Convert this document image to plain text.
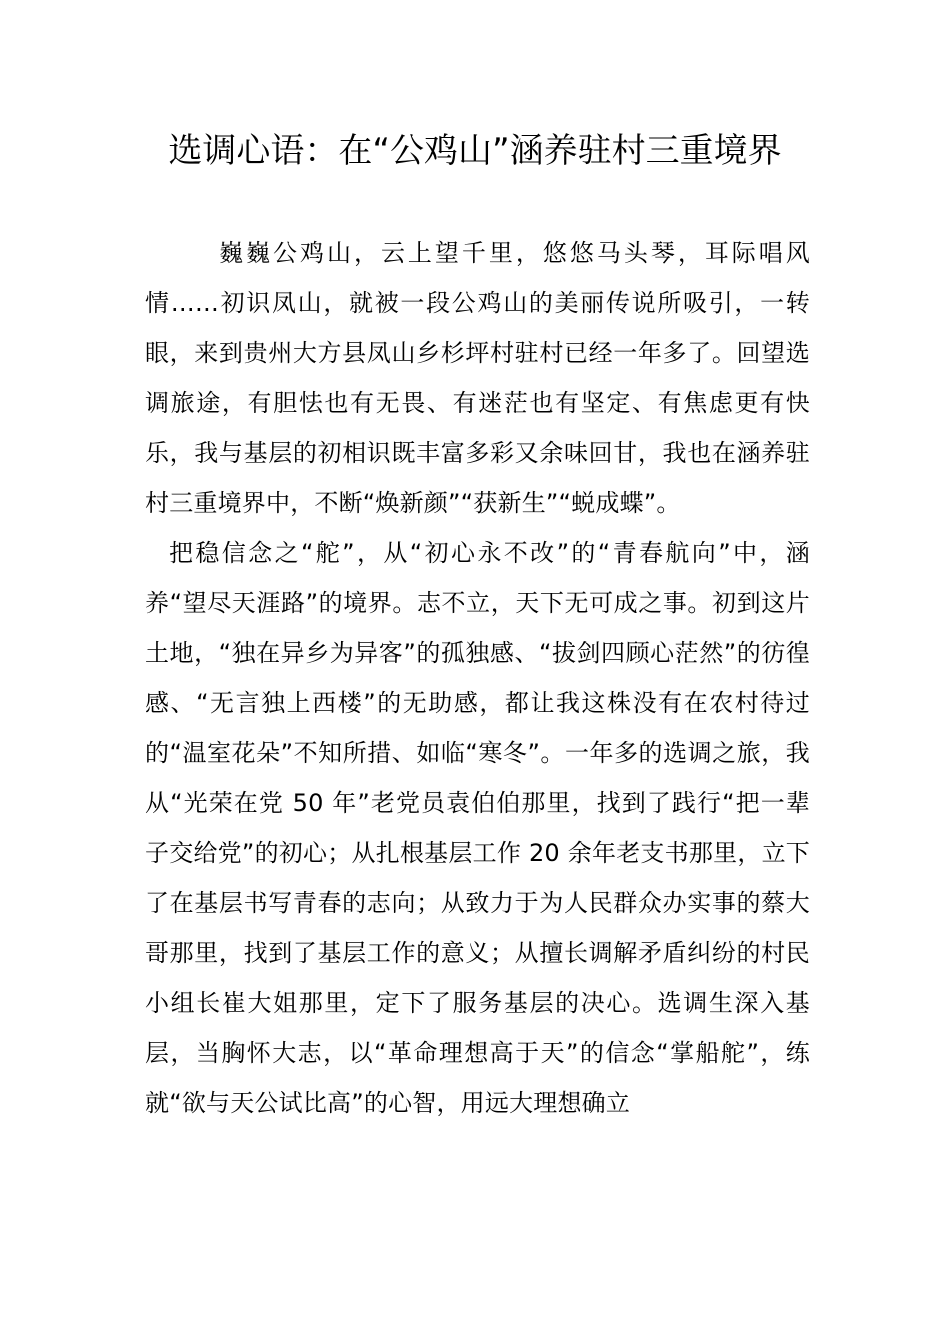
选调心语：在“公鸡山”涵养驻村三重境界

巍巍公鸡山，云上望千里，悠悠马头琴，耳际唱风情……初识凤山，就被一段公鸡山的美丽传说所吸引，一转眼，来到贵州大方县凤山乡杉坪村驻村已经一年多了。回望选调旅途，有胆怯也有无畏、有迷茫也有坚定、有焦虑更有快乐，我与基层的初相识既丰富多彩又余味回甘，我也在涵养驻村三重境界中，不断“焕新颜”“获新生”“蜕成蝶”。

把稳信念之“舵”，从“初心永不改”的“青春航向”中，涵养“望尽天涯路”的境界。志不立，天下无可成之事。初到这片土地，“独在异乡为异客”的孤独感、“拔剑四顾心茫然”的彷徨感、“无言独上西楼”的无助感，都让我这株没有在农村待过的“温室花朵”不知所措、如临“寒冬”。一年多的选调之旅，我从“光荣在党 50 年”老党员袁伯伯那里，找到了践行“把一辈子交给党”的初心；从扎根基层工作 20 余年老支书那里，立下了在基层书写青春的志向；从致力于为人民群众办实事的蔡大哥那里，找到了基层工作的意义；从擅长调解矛盾纠纷的村民小组长崔大姐那里，定下了服务基层的决心。选调生深入基层，当胸怀大志，以“革命理想高于天”的信念“掌船舵”，练就“欲与天公试比高”的心智，用远大理想确立
